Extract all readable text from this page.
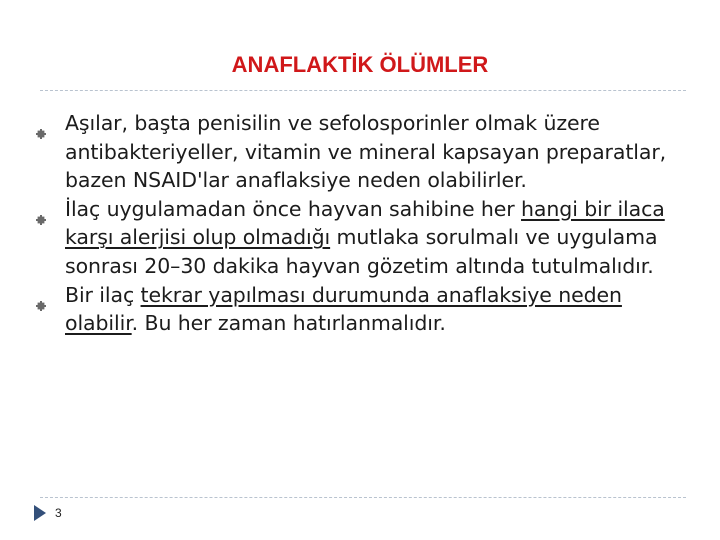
ANAFLAKTİK ÖLÜMLER
Aşılar, başta penisilin ve sefolosporinler olmak üzere antibakteriyeller, vitamin ve mineral kapsayan preparatlar, bazen NSAID'lar anaflaksiye neden olabilirler.
İlaç uygulamadan önce hayvan sahibine her hangi bir ilaca karşı alerjisi olup olmadığı mutlaka sorulmalı ve uygulama sonrası 20–30 dakika hayvan gözetim altında tutulmalıdır.
Bir ilaç tekrar yapılması durumunda anaflaksiye neden olabilir. Bu her zaman hatırlanmalıdır.
3
